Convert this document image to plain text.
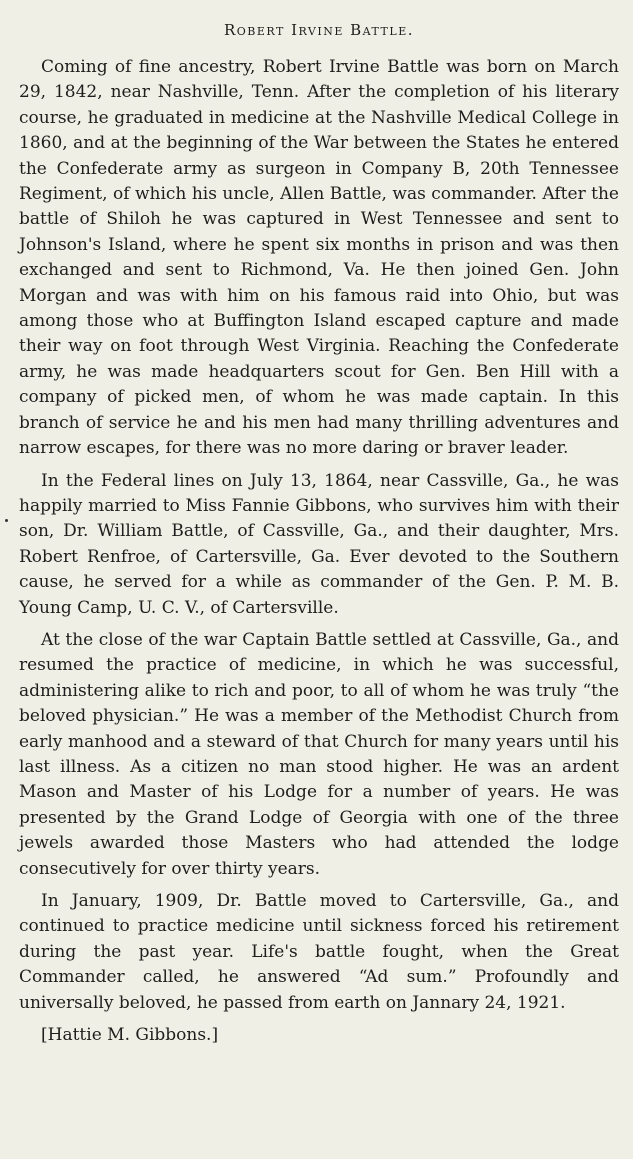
Robert Irvine Battle.

Coming of fine ancestry, Robert Irvine Battle was born on March 29, 1842, near Nashville, Tenn. After the completion of his literary course, he graduated in medicine at the Nashville Medical College in 1860, and at the beginning of the War between the States he entered the Confederate army as surgeon in Company B, 20th Tennessee Regiment, of which his uncle, Allen Battle, was commander. After the battle of Shiloh he was captured in West Tennessee and sent to Johnson's Island, where he spent six months in prison and was then exchanged and sent to Richmond, Va. He then joined Gen. John Morgan and was with him on his famous raid into Ohio, but was among those who at Buffington Island escaped capture and made their way on foot through West Virginia. Reaching the Confederate army, he was made headquarters scout for Gen. Ben Hill with a company of picked men, of whom he was made captain. In this branch of service he and his men had many thrilling adventures and narrow escapes, for there was no more daring or braver leader.

In the Federal lines on July 13, 1864, near Cassville, Ga., he was happily married to Miss Fannie Gibbons, who survives him with their son, Dr. William Battle, of Cassville, Ga., and their daughter, Mrs. Robert Renfroe, of Cartersville, Ga. Ever devoted to the Southern cause, he served for a while as commander of the Gen. P. M. B. Young Camp, U. C. V., of Cartersville.

At the close of the war Captain Battle settled at Cassville, Ga., and resumed the practice of medicine, in which he was successful, administering alike to rich and poor, to all of whom he was truly “the beloved physician.” He was a member of the Methodist Church from early manhood and a steward of that Church for many years until his last illness. As a citizen no man stood higher. He was an ardent Mason and Master of his Lodge for a number of years. He was presented by the Grand Lodge of Georgia with one of the three jewels awarded those Masters who had attended the lodge consecutively for over thirty years.

In January, 1909, Dr. Battle moved to Cartersville, Ga., and continued to practice medicine until sickness forced his retirement during the past year. Life's battle fought, when the Great Commander called, he answered “Ad sum.” Profoundly and universally beloved, he passed from earth on Jannary 24, 1921.

[Hattie M. Gibbons.]
